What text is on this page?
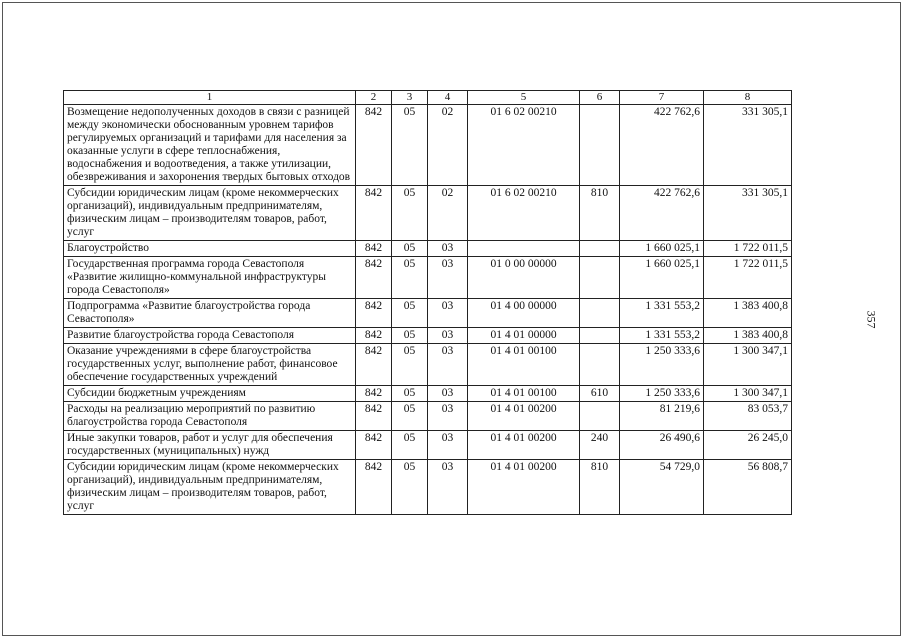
357
1	2	3	4	5	6	7	8
Возмещение недополученных доходов в связи с разницей между экономически обоснованным уровнем тарифов регулируемых организаций и тарифами для населения за оказанные услуги в сфере теплоснабжения, водоснабжения и водоотведения, а также утилизации, обезвреживания и захоронения твердых бытовых отходов	842	05	02	01 6 02 00210		422 762,6	331 305,1
Субсидии юридическим лицам (кроме некоммерческих организаций), индивидуальным предпринимателям, физическим лицам – производителям товаров, работ, услуг	842	05	02	01 6 02 00210	810	422 762,6	331 305,1
Благоустройство	842	05	03			1 660 025,1	1 722 011,5
Государственная программа города Севастополя «Развитие жилищно-коммунальной инфраструктуры города Севастополя»	842	05	03	01 0 00 00000		1 660 025,1	1 722 011,5
Подпрограмма «Развитие благоустройства города Севастополя»	842	05	03	01 4 00 00000		1 331 553,2	1 383 400,8
Развитие благоустройства города Севастополя	842	05	03	01 4 01 00000		1 331 553,2	1 383 400,8
Оказание учреждениями в сфере благоустройства государственных услуг, выполнение работ, финансовое обеспечение государственных учреждений	842	05	03	01 4 01 00100		1 250 333,6	1 300 347,1
Субсидии бюджетным учреждениям	842	05	03	01 4 01 00100	610	1 250 333,6	1 300 347,1
Расходы на реализацию мероприятий по развитию благоустройства города Севастополя	842	05	03	01 4 01 00200		81 219,6	83 053,7
Иные закупки товаров, работ и услуг для обеспечения государственных (муниципальных) нужд	842	05	03	01 4 01 00200	240	26 490,6	26 245,0
Субсидии юридическим лицам (кроме некоммерческих организаций), индивидуальным предпринимателям, физическим лицам – производителям товаров, работ, услуг	842	05	03	01 4 01 00200	810	54 729,0	56 808,7
